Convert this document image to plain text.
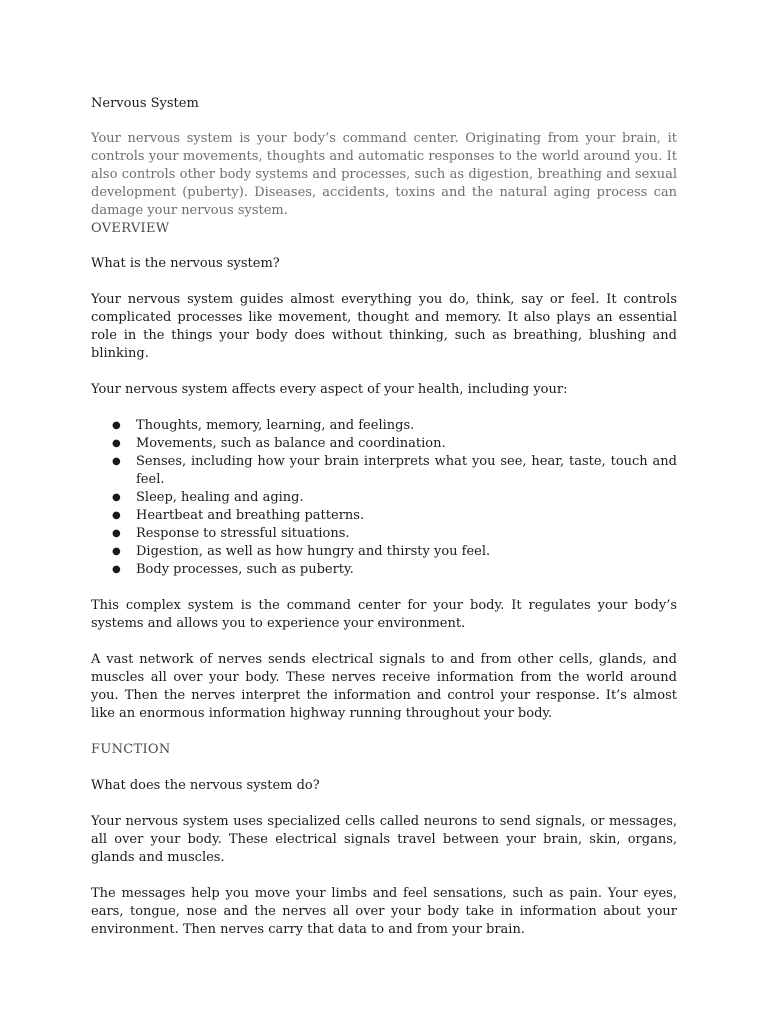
Nervous System

Your nervous system is your body’s command center. Originating from your brain, it controls your movements, thoughts and automatic responses to the world around you. It also controls other body systems and processes, such as digestion, breathing and sexual development (puberty). Diseases, accidents, toxins and the natural aging process can damage your nervous system.

OVERVIEW

What is the nervous system?

Your nervous system guides almost everything you do, think, say or feel. It controls complicated processes like movement, thought and memory. It also plays an essential role in the things your body does without thinking, such as breathing, blushing and blinking.

Your nervous system affects every aspect of your health, including your:

● Thoughts, memory, learning, and feelings.
● Movements, such as balance and coordination.
● Senses, including how your brain interprets what you see, hear, taste, touch and feel.
● Sleep, healing and aging.
● Heartbeat and breathing patterns.
● Response to stressful situations.
● Digestion, as well as how hungry and thirsty you feel.
● Body processes, such as puberty.

This complex system is the command center for your body. It regulates your body’s systems and allows you to experience your environment.

A vast network of nerves sends electrical signals to and from other cells, glands, and muscles all over your body. These nerves receive information from the world around you. Then the nerves interpret the information and control your response. It’s almost like an enormous information highway running throughout your body.

FUNCTION

What does the nervous system do?

Your nervous system uses specialized cells called neurons to send signals, or messages, all over your body. These electrical signals travel between your brain, skin, organs, glands and muscles.

The messages help you move your limbs and feel sensations, such as pain. Your eyes, ears, tongue, nose and the nerves all over your body take in information about your environment. Then nerves carry that data to and from your brain.
